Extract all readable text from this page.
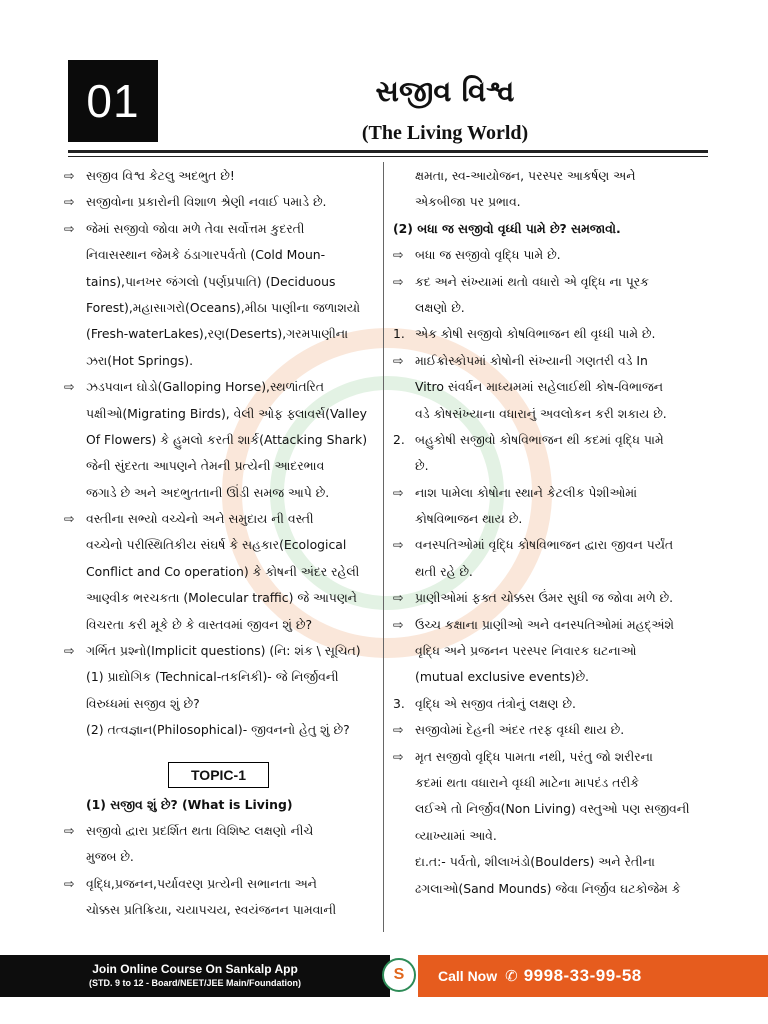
01	સજીવ વિશ્વ
(The Living World)
⇨ સજીવ વિશ્વ કેટલુ અદભુત છે!
⇨ સજીવોના પ્રકારોની વિશાળ શ્રેણી નવાઈ પમાડે છે.
⇨ જેમાં સજીવો જોવા મળે તેવા સર્વોત્તમ કુદરતી
નિવાસસ્થાન જેમકે ઠંડાગારપર્વતો (Cold Moun-
tains),પાનખર જંગલો (પર્ણપ્રપાતિ) (Deciduous
Forest),મહાસાગરો(Oceans),મીઠા પાણીના જળાશયો
(Fresh-waterLakes),રણ(Deserts),ગરમપાણીના
ઝરા(Hot Springs).
⇨ ઝડપવાન ઘોડો(Galloping Horse),સ્થળાંતરિત
પક્ષીઓ(Migrating Birds), વેલી ઓફ ફ્લાવર્સ(Valley
Of Flowers) કે હુમલો કરતી શાર્ક(Attacking Shark)
જેની સુંદરતા આપણને તેમની પ્રત્યેની આદરભાવ
જગાડે છે અને અદભુતતાની ઊંડી સમજ આપે છે.
⇨ વસ્તીના સભ્યો વચ્ચેનો અને સમુદાય ની વસ્તી
વચ્ચેનો પરીસ્થિતિકીય સંઘર્ષ કે સહકાર(Ecological
Conflict and Co operation) કે કોષની અંદર રહેલી
આણ્વીક ભરચકતા (Molecular traffic) જે આપણને
વિચરતા કરી મૂકે છે કે વાસ્તવમાં જીવન શું છે?
⇨ ગર્ભિત પ્રશ્નો(Implicit questions) (નિ: શંક \ સૂચિત)
(1) પ્રાદ્યોગિક (Technical-તકનિકી)- જે નિર્જીવની
વિરુધ્ધમાં સજીવ શું છે?
(2) તત્વજ્ઞાન(Philosophical)- જીવનનો હેતુ શું છે?
TOPIC-1
(1) સજીવ શું છે? (What is Living)
⇨ સજીવો દ્વારા પ્રદર્શિત થતા વિશિષ્ટ લક્ષણો નીચે
મુજબ છે.
⇨ વૃદ્ધિ,પ્રજનન,પર્યાવરણ પ્રત્યેની સભાનતા અને
ચોક્કસ પ્રતિક્રિયા, ચયાપચય, સ્વયંજનન પામવાની
ક્ષમતા, સ્વ-આયોજન, પરસ્પર આકર્ષણ અને
એકબીજા પર પ્રભાવ.
(2) બધા જ સજીવો વૃધ્ધી પામે છે? સમજાવો.
⇨ બધા જ સજીવો વૃદ્ધિ પામે છે.
⇨ કદ અને સંખ્યામાં થતો વધારો એ વૃદ્ધિ ના પૂરક
લક્ષણો છે.
1. એક કોષી સજીવો કોષવિભાજન થી વૃધ્ધી પામે છે.
⇨ માઈક્રોસ્કોપમાં કોષોની સંખ્યાની ગણતરી વડે In
Vitro સંવર્ધન માધ્યમમાં સહેલાઈથી કોષ-વિભાજન
વડે કોષસંખ્યાના વધારાનું અવલોકન કરી શકાય છે.
2. બહુકોષી સજીવો કોષવિભાજન થી કદમાં વૃદ્ધિ પામે
છે.
⇨ નાશ પામેલા કોષોના સ્થાને કેટલીક પેશીઓમાં
કોષવિભાજન થાય છે.
⇨ વનસ્પતિઓમાં વૃદ્ધિ કોષવિભાજન દ્વારા જીવન પર્યંત
થતી રહે છે.
⇨ પ્રાણીઓમાં ફક્ત ચોક્કસ ઉંમર સુધી જ જોવા મળે છે.
⇨ ઉચ્ચ કક્ષાના પ્રાણીઓ અને વનસ્પતિઓમાં મહદ્અંશે
વૃદ્ધિ અને પ્રજનન પરસ્પર નિવારક ઘટનાઓ
(mutual exclusive events)છે.
3. વૃદ્ધિ એ સજીવ તંત્રોનું લક્ષણ છે.
⇨ સજીવોમાં દેહની અંદર તરફ વૃધ્ધી થાય છે.
⇨ મૃત સજીવો વૃદ્ધિ પામતા નથી, પરંતુ જો શરીરના
કદમાં થતા વધારાને વૃધ્ધી માટેના માપદંડ તરીકે
લઈએ તો નિર્જીવ(Non Living) વસ્તુઓ પણ સજીવની
વ્યાખ્યામાં આવે.
દા.ત:- પર્વતો, શીલાખંડો(Boulders) અને રેતીના
ઢગલાઓ(Sand Mounds) જેવા નિર્જીવ ઘટકોજેમ કે
Join Online Course On Sankalp App
(STD. 9 to 12 - Board/NEET/JEE Main/Foundation)	S	Call Now ✆ 9998-33-99-58
